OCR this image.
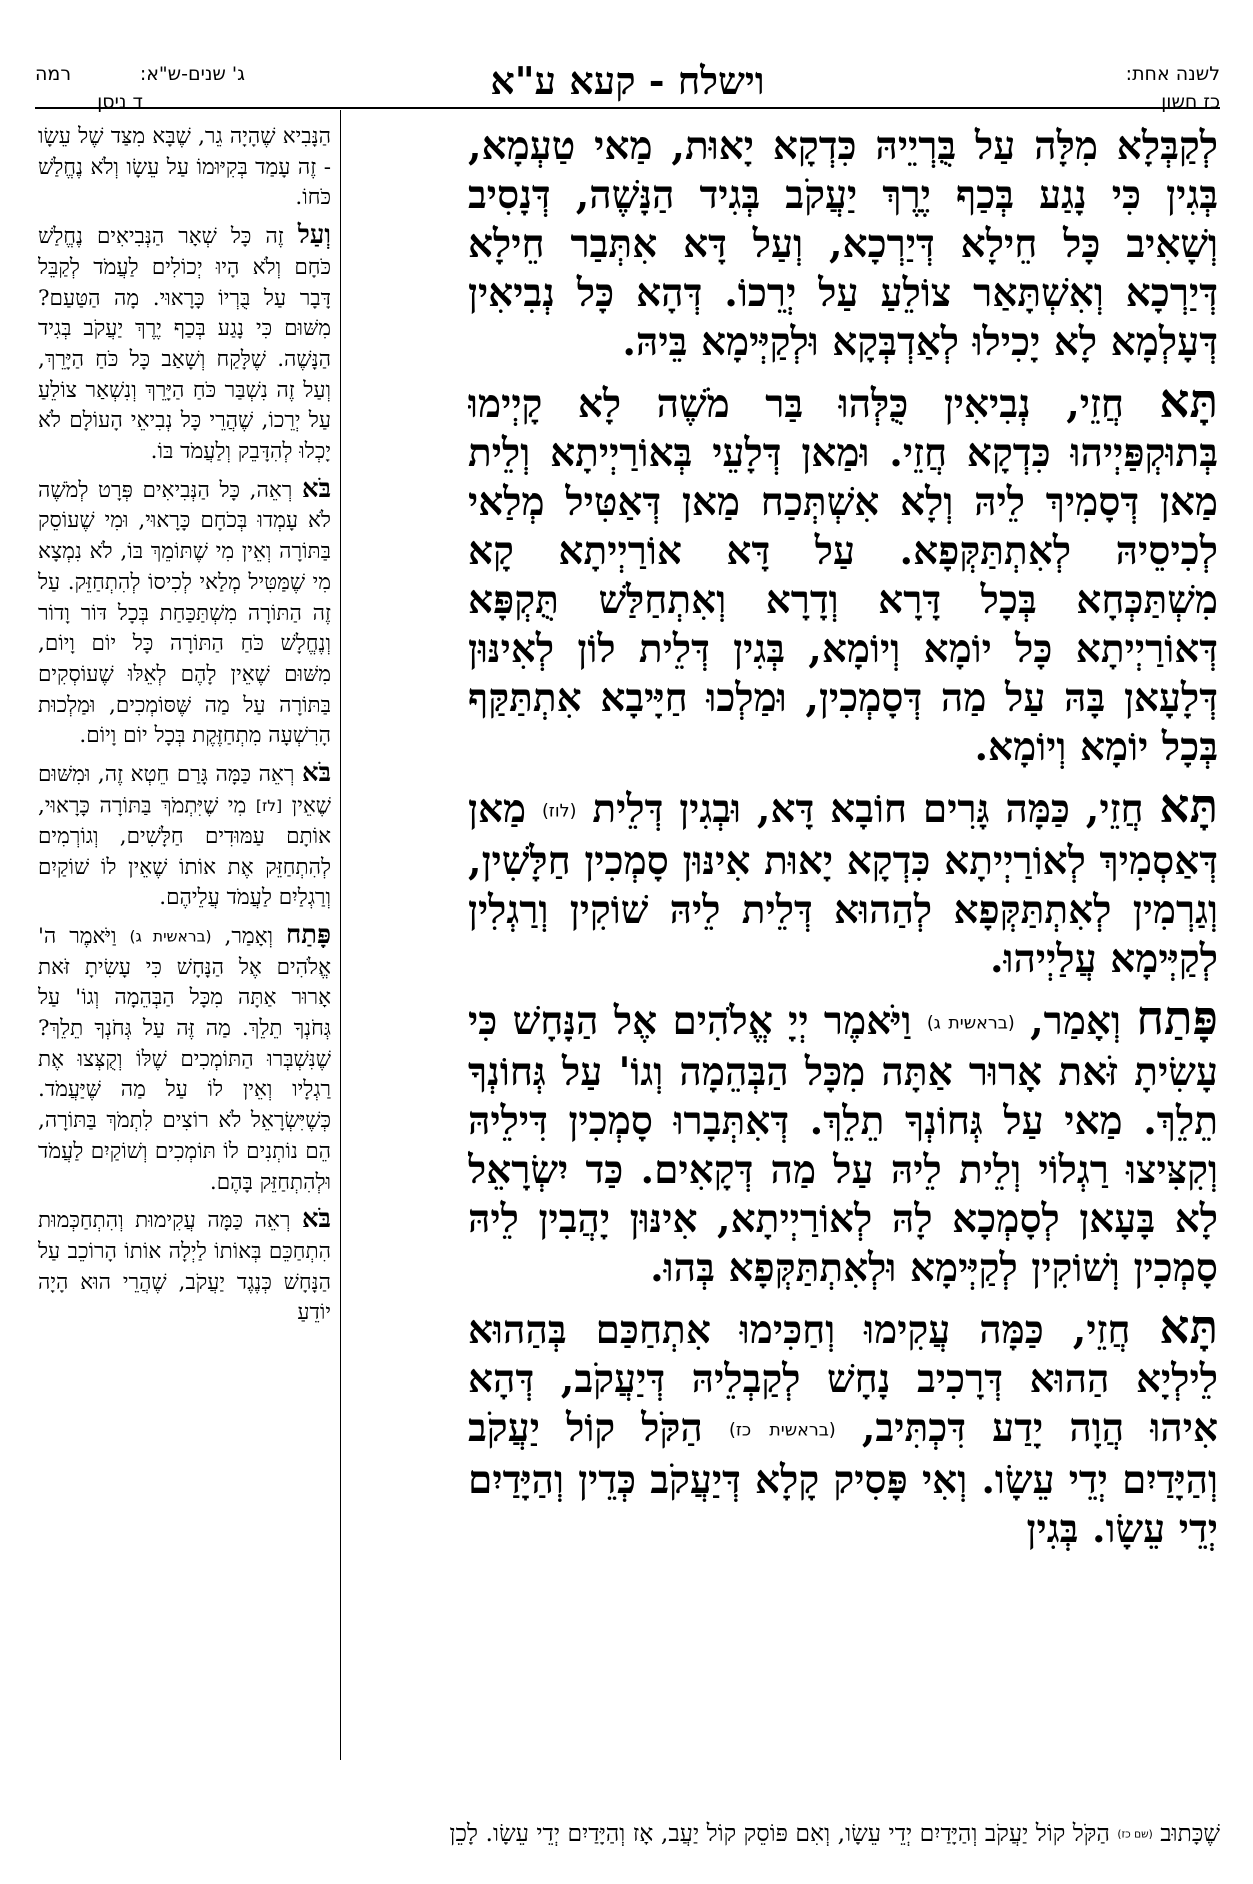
לשנה אחת:
כז חשון
וישלח - קעא ע"א
ג' שנים-ש"א:
רמה
ד ניסן

לְקַבְּלָא מִלָּה עַל בֻּרְיֵיהּ כִּדְקָא יָאוּת, מַאי טַעְמָא, בְּגִין כִּי נָגַע בְּכַף יֶרֶךְ יַעֲקֹב בְּגִיד הַנָּשֶׁה, דְּנָסִיב וְשָׁאִיב כָּל חֵילָא דְּיַרְכָא, וְעַל דָּא אִתְּבַר חֵילָא דְּיַרְכָא וְאִשְׁתָּאַר צוֹלֵעַ עַל יְרֵכוֹ. דְּהָא כָּל נְבִיאִין דְּעָלְמָא לָא יָכִילוּ לְאַדְבְּקָא וּלְקַיְּימָא בֵּיהּ.

תָּא חֲזֵי, נְבִיאִין כֻּלְּהוּ בַּר מֹשֶׁה לָא קָיְימוּ בְּתוּקְפַּיְיהוּ כִּדְקָא חֲזֵי. וּמַאן דְּלָעֵי בְּאוֹרַיְיתָא וְלֵית מַאן דְּסָמִיךְ לֵיהּ וְלָא אִשְׁתְּכַח מַאן דְּאַטִּיל מְלַאי לְכִיסֵיהּ לְאִתְתַּקְּפָא. עַל דָּא אוֹרַיְיתָא קָא מִשְׁתַּכְּחָא בְּכָל דָּרָא וְדָרָא וְאִתְחַלַּשׁ תֻּקְפָּא דְּאוֹרַיְיתָא כָּל יוֹמָא וְיוֹמָא, בְּגִין דְּלֵית לוֹן לְאִינּוּן דְּלָעָאן בָּהּ עַל מַה דְּסָמְכִין, וּמַלְכוּ חַיָּיבָא אִתְתַּקַּף בְּכָל יוֹמָא וְיוֹמָא.

תָּא חֲזֵי, כַּמָּה גָּרִים חוֹבָא דָּא, וּבְגִין דְּלֵית (לוז) מַאן דְּאַסְמִיךְ לְאוֹרַיְיתָא כִּדְקָא יָאוּת אִינּוּן סָמְכִין חַלָּשִׁין, וְגַרְמִין לְאִתְתַּקְּפָא לְהַהוּא דְּלֵית לֵיהּ שׁוֹקִין וְרַגְלִין לְקַיְּימָא עֲלַיְיהוּ.

פָּתַח וְאָמַר, (בראשית ג) וַיֹּאמֶר יְיָ אֱלֹהִים אֶל הַנָּחָשׁ כִּי עָשִׂיתָ זֹּאת אָרוּר אַתָּה מִכָּל הַבְּהֵמָה וְגוֹ' עַל גְּחוֹנְךָ תֵלֵךְ. מַאי עַל גְּחוֹנְךָ תֵלֵךְ. דְּאִתְּבָרוּ סָמְכִין דִּילֵיהּ וְקִצִּיצוּ רַגְלוֹי וְלֵית לֵיהּ עַל מַה דְּקָאִים. כַּד יִשְׂרָאֵל לָא בָּעָאן לְסָמְכָא לָהּ לְאוֹרַיְיתָא, אִינּוּן יָהֲבִין לֵיהּ סָמְכִין וְשׁוֹקִין לְקַיְּימָא וּלְאִתְתַּקְּפָא בְּהוּ.

תָּא חֲזֵי, כַּמָּה עֲקִימוּ וְחַכִּימוּ אִתְחַכַּם בְּהַהוּא לֵילְיָא הַהוּא דְּרָכִיב נָחָשׁ לְקַבְלֵיהּ דְּיַעֲקֹב, דְּהָא אִיהוּ הֲוָה יָדַע דִּכְתִּיב, (בראשית כז) הַקֹּל קוֹל יַעֲקֹב וְהַיָּדַיִם יְדֵי עֵשָׂו. וְאִי פָּסִיק קָלָא דְּיַעֲקֹב כְּדֵין וְהַיָּדַיִם יְדֵי עֵשָׂו. בְּגִין

הַנָּבִיא שֶׁהָיָה גֵר, שֶׁבָּא מִצַּד שֶׁל עֵשָׂו - זֶה עָמַד בְּקִיּוּמוֹ עַל עֵשָׂו וְלֹא נֶחֱלַשׁ כֹּחוֹ.

וְעַל זֶה כָּל שְׁאָר הַנְּבִיאִים נֶחֱלַשׁ כֹּחָם וְלֹא הָיוּ יְכוֹלִים לַעֲמֹד לְקַבֵּל דָּבָר עַל בֻּרְיוֹ כָּרָאוּי. מָה הַטַּעַם? מִשּׁוּם כִּי נָגַע בְּכַף יֶרֶךְ יַעֲקֹב בְּגִיד הַנָּשֶׁה. שֶׁלָּקַח וְשָׁאַב כָּל כֹּחַ הַיָּרֵךְ, וְעַל זֶה נִשְׁבַּר כֹּחַ הַיָּרֵךְ וְנִשְׁאַר צוֹלֵעַ עַל יְרֵכוֹ, שֶׁהֲרֵי כָּל נְבִיאֵי הָעוֹלָם לֹא יָכְלוּ לְהִדָּבֵק וְלַעֲמֹד בּוֹ.

בֹּא רְאֵה, כָּל הַנְּבִיאִים פְּרָט לְמֹשֶׁה לֹא עָמְדוּ בְּכֹחָם כָּרָאוּי, וּמִי שֶׁעוֹסֵק בַּתּוֹרָה וְאֵין מִי שֶׁתּוֹמֵךְ בּוֹ, לֹא נִמְצָא מִי שֶׁמַּטִּיל מְלַאי לְכִיסוֹ לְהִתְחַזֵּק. עַל זֶה הַתּוֹרָה מִשְׁתַּכַּחַת בְּכָל דּוֹר וָדוֹר וְנֶחֱלָשׁ כֹּחַ הַתּוֹרָה כָּל יוֹם וָיוֹם, מִשּׁוּם שֶׁאֵין לָהֶם לְאֵלּוּ שֶׁעוֹסְקִים בַּתּוֹרָה עַל מַה שֶּׁסּוֹמְכִים, וּמַלְכוּת הָרִשְׁעָה מִתְחַזֶּקֶת בְּכָל יוֹם וָיוֹם.

בֹּא רְאֵה כַּמָּה גָּרַם חֵטְא זֶה, וּמִשּׁוּם שֶׁאֵין [לז] מִי שֶׁיִּתְמֹךְ בַּתּוֹרָה כָּרָאוּי, אוֹתָם עַמּוּדִים חַלָּשִׁים, וְגוֹרְמִים לְהִתְחַזֵּק אֶת אוֹתוֹ שֶׁאֵין לוֹ שׁוֹקַיִם וְרַגְלַיִם לַעֲמֹד עֲלֵיהֶם.

פָּתַח וְאָמַר, (בראשית ג) וַיֹּאמֶר ה' אֱלֹהִים אֶל הַנָּחָשׁ כִּי עָשִׂיתָ זֹּאת אָרוּר אַתָּה מִכָּל הַבְּהֵמָה וְגוֹ' עַל גְּחֹנְךָ תֵלֵךְ. מַה זֶּה עַל גְּחֹנְךָ תֵלֵךְ? שֶׁנִּשְׁבְּרוּ הַתּוֹמְכִים שֶׁלּוֹ וְקֻצְּצוּ אֶת רַגְלָיו וְאֵין לוֹ עַל מַה שֶּׁיַּעֲמֹד. כְּשֶׁיִּשְׂרָאֵל לֹא רוֹצִים לִתְמֹךְ בַּתּוֹרָה, הֵם נוֹתְנִים לוֹ תּוֹמְכִים וְשׁוֹקַיִם לַעֲמֹד וּלְהִתְחַזֵּק בָּהֶם.

בֹּא רְאֵה כַּמָּה עֲקִימוּת וְהִתְחַכְּמוּת הִתְחַכֵּם בְּאוֹתוֹ לַיְלָה אוֹתוֹ הָרוֹכֵב עַל הַנָּחָשׁ כְּנֶגֶד יַעֲקֹב, שֶׁהֲרֵי הוּא הָיָה יוֹדֵעַ

שֶׁכָּתוּב (שם כז) הַקֹּל קוֹל יַעֲקֹב וְהַיָּדַיִם יְדֵי עֵשָׂו, וְאִם פּוֹסֵק קוֹל יַעֲב, אָז וְהַיָּדַיִם יְדֵי עֵשָׂו. לָכֵן
